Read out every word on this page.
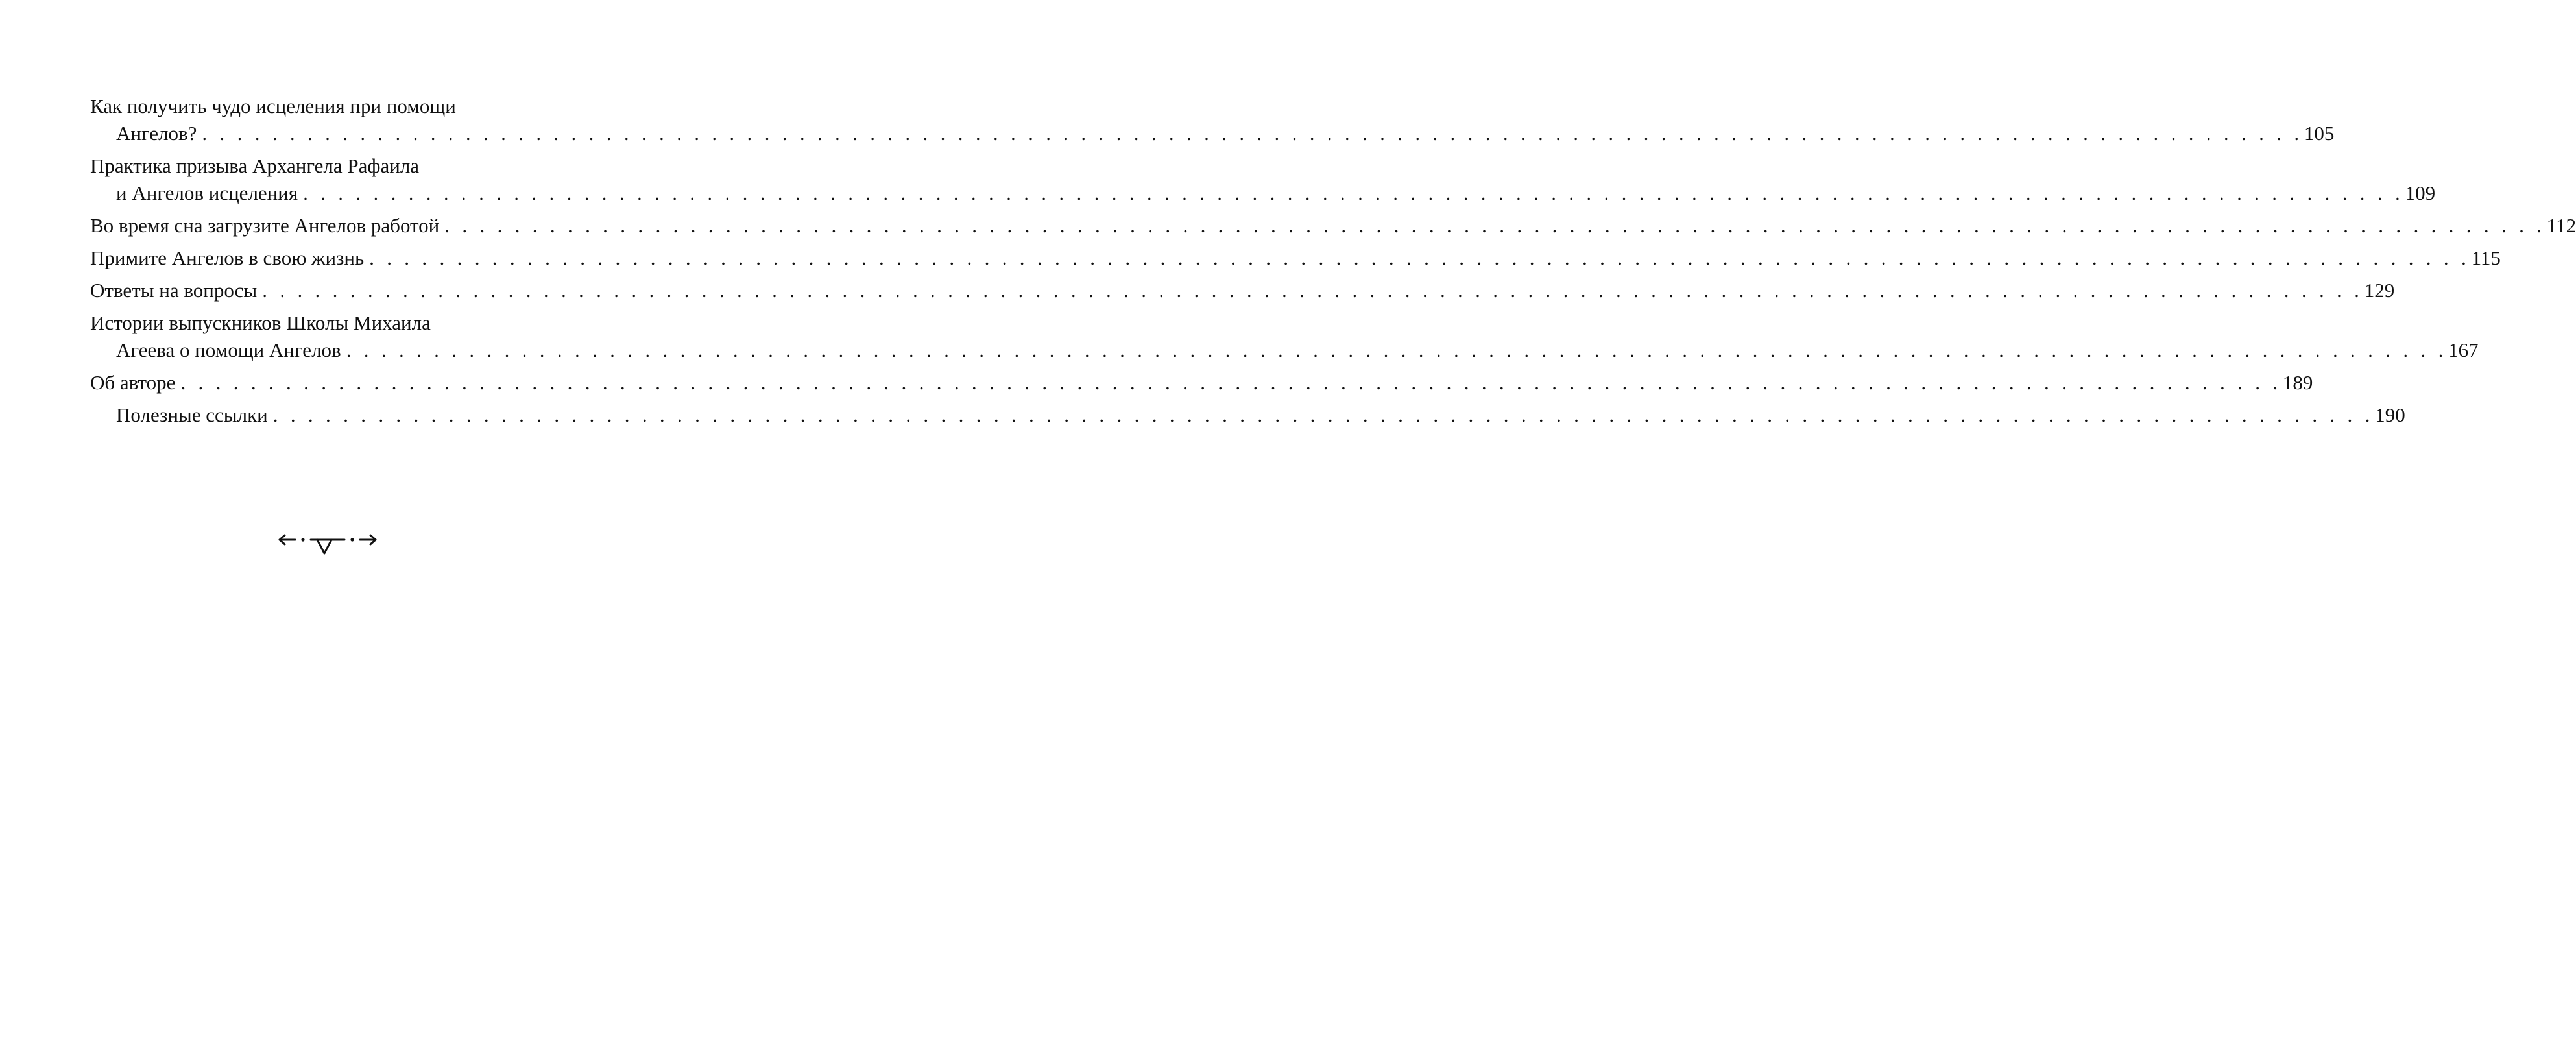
Как получить чудо исцеления при помощи
Ангелов? . . . . . . . . . . . . . . . . . . . . . . . . . . . . . . . . . . . . . . . . . . . . . . . . . . . . . . . . . . . . . . . . . . . . . . . . . . . . . . . . . . . . . . . . . . . . . . . . . . . . . . . . . . . . . . . . . . . . . . . . 105
Практика призыва Архангела Рафаила
и Ангелов исцеления . . . . . . . . . . . . . . . . . . . . . . . . . . . . . . . . . . . . . . . . . . . . . . . . . . . . . . . . . . . . . . . . . . . . . . . . . . . . . . . . . . . . . . . . . . . . . . . . . . . . . . . . . . . . . . . . . . . . . . . . 109
Во время сна загрузите Ангелов работой . . . . . . . . . . . . . . . . . . . . . . . . . . . . . . . . . . . . . . . . . . . . . . . . . . . . . . . . . . . . . . . . . . . . . . . . . . . . . . . . . . . . . . . . . . . . . . . . . . . . . . . . . . . . . . . . . . . . . . . . 112
Примите Ангелов в свою жизнь . . . . . . . . . . . . . . . . . . . . . . . . . . . . . . . . . . . . . . . . . . . . . . . . . . . . . . . . . . . . . . . . . . . . . . . . . . . . . . . . . . . . . . . . . . . . . . . . . . . . . . . . . . . . . . . . . . . . . . . . 115
Ответы на вопросы . . . . . . . . . . . . . . . . . . . . . . . . . . . . . . . . . . . . . . . . . . . . . . . . . . . . . . . . . . . . . . . . . . . . . . . . . . . . . . . . . . . . . . . . . . . . . . . . . . . . . . . . . . . . . . . . . . . . . . . . 129
Истории выпускников Школы Михаила
Агеева о помощи Ангелов . . . . . . . . . . . . . . . . . . . . . . . . . . . . . . . . . . . . . . . . . . . . . . . . . . . . . . . . . . . . . . . . . . . . . . . . . . . . . . . . . . . . . . . . . . . . . . . . . . . . . . . . . . . . . . . . . . . . . . . . 167
Об авторе . . . . . . . . . . . . . . . . . . . . . . . . . . . . . . . . . . . . . . . . . . . . . . . . . . . . . . . . . . . . . . . . . . . . . . . . . . . . . . . . . . . . . . . . . . . . . . . . . . . . . . . . . . . . . . . . . . . . . . . . 189
Полезные ссылки . . . . . . . . . . . . . . . . . . . . . . . . . . . . . . . . . . . . . . . . . . . . . . . . . . . . . . . . . . . . . . . . . . . . . . . . . . . . . . . . . . . . . . . . . . . . . . . . . . . . . . . . . . . . . . . . . . . . . . . . 190
